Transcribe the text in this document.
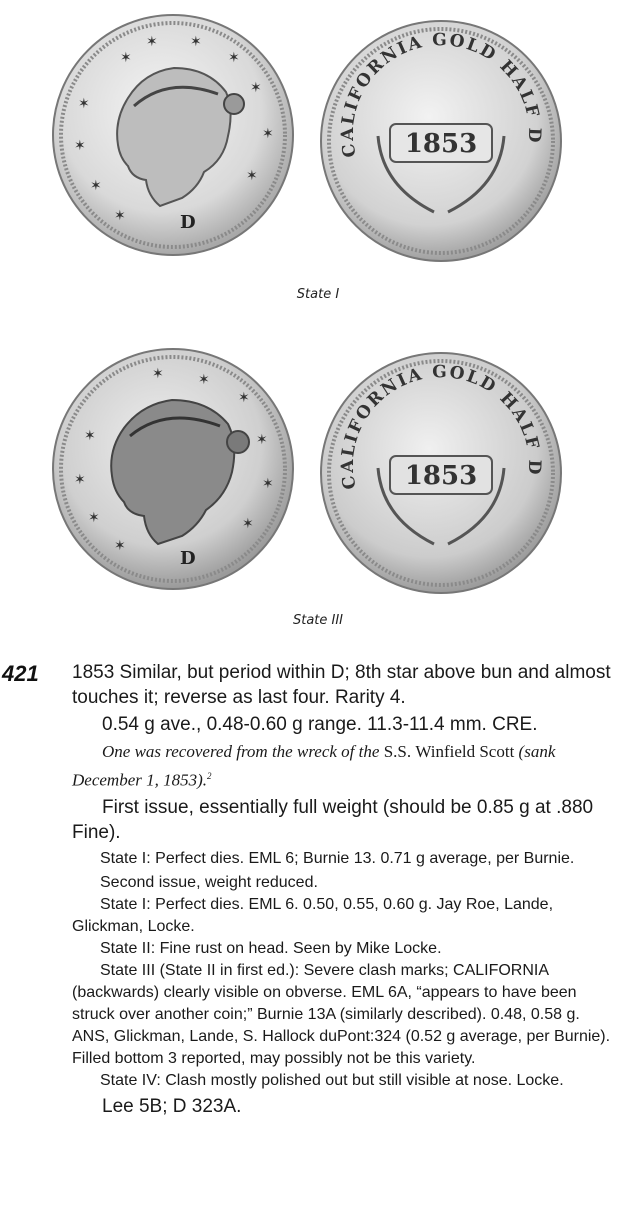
✶
✶ ✶
✶
✶
✶
✶
✶
✶
✶
✶	D
CALIFORNIA GOLD HALF D
1853
State I
✶ ✶
✶
✶
✶
✶
✶
✶
✶
✶
D
CALIFORNIA GOLD HALF D
1853
State III
421 1853 Similar, but period within D; 8th star above bun and almost touches it; reverse as last four. Rarity 4.

0.54 g ave., 0.48-0.60 g range. 11.3-11.4 mm. CRE.

One was recovered from the wreck of the S.S. Winfield Scott (sank December 1, 1853).$^2$

First issue, essentially full weight (should be 0.85 g at .880 Fine).

State I: Perfect dies. EML 6; Burnie 13. 0.71 g average, per Burnie.

Second issue, weight reduced.

State I: Perfect dies. EML 6. 0.50, 0.55, 0.60 g. Jay Roe, Lande, Glickman, Locke.

State II: Fine rust on head. Seen by Mike Locke.

State III (State II in first ed.): Severe clash marks; CALIFORNIA (backwards) clearly visible on obverse. EML 6A, “appears to have been struck over another coin;” Burnie 13A (similarly described). 0.48, 0.58 g. ANS, Glickman, Lande, S. Hallock duPont:324 (0.52 g average, per Burnie). Filled bottom 3 reported, may possibly not be this variety.

State IV: Clash mostly polished out but still visible at nose. Locke.

Lee 5B; D 323A.
